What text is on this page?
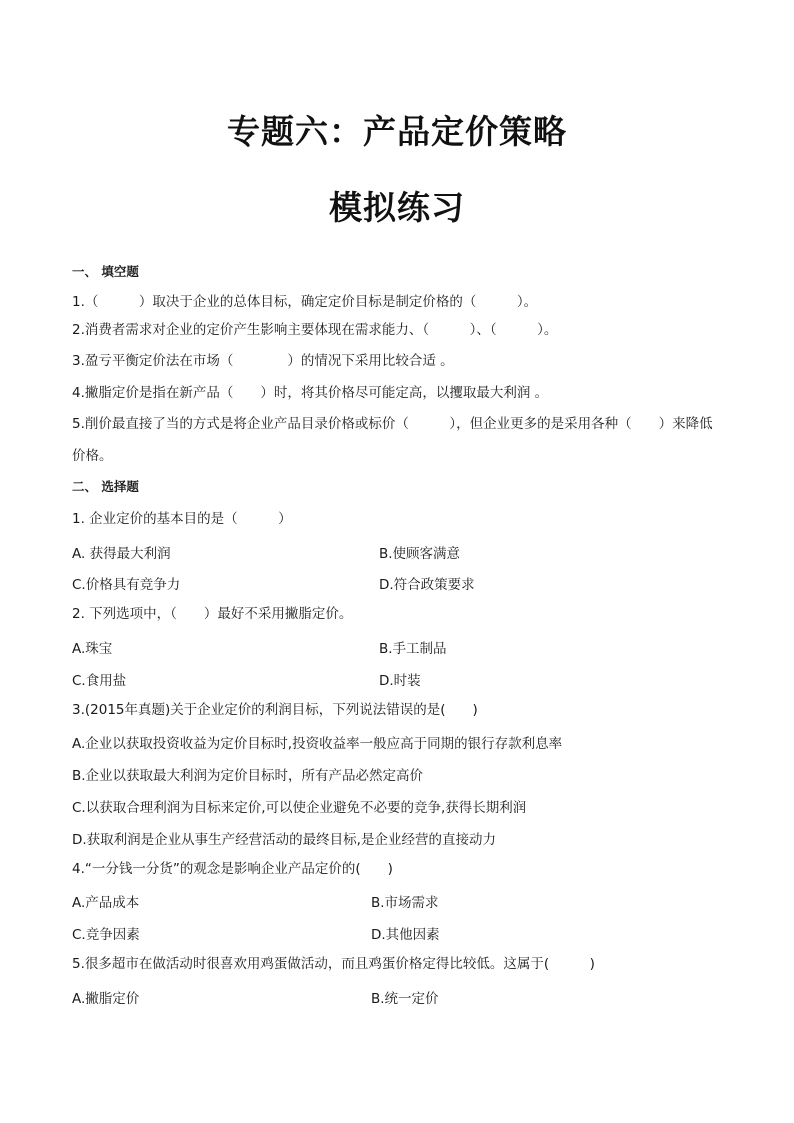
专题六：产品定价策略
模拟练习
一、 填空题
1.（　　　）取决于企业的总体目标，确定定价目标是制定价格的（　　　）。
2.消费者需求对企业的定价产生影响主要体现在需求能力、（　　　）、（　　　）。
3.盈亏平衡定价法在市场（　　　　）的情况下采用比较合适 。
4.撇脂定价是指在新产品（　　）时，将其价格尽可能定高，以攫取最大利润 。
5.削价最直接了当的方式是将企业产品目录价格或标价（　　　），但企业更多的是采用各种（　　）来降低
价格。
二、 选择题
1. 企业定价的基本目的是（　　　）
A. 获得最大利润	B.使顾客满意
C.价格具有竞争力	D.符合政策要求
2. 下列选项中，（　　）最好不采用撇脂定价。
A.珠宝	B.手工制品
C.食用盐	D.时装
3.(2015年真题)关于企业定价的利润目标，下列说法错误的是(　　)
A.企业以获取投资收益为定价目标时,投资收益率一般应高于同期的银行存款利息率
B.企业以获取最大利润为定价目标时，所有产品必然定高价
C.以获取合理利润为目标来定价,可以使企业避免不必要的竞争,获得长期利润
D.获取利润是企业从事生产经营活动的最终目标,是企业经营的直接动力
4.“一分钱一分货”的观念是影响企业产品定价的(　　)
A.产品成本	B.市场需求
C.竞争因素	D.其他因素
5.很多超市在做活动时很喜欢用鸡蛋做活动，而且鸡蛋价格定得比较低。这属于(　　　)
A.撇脂定价	B.统一定价
